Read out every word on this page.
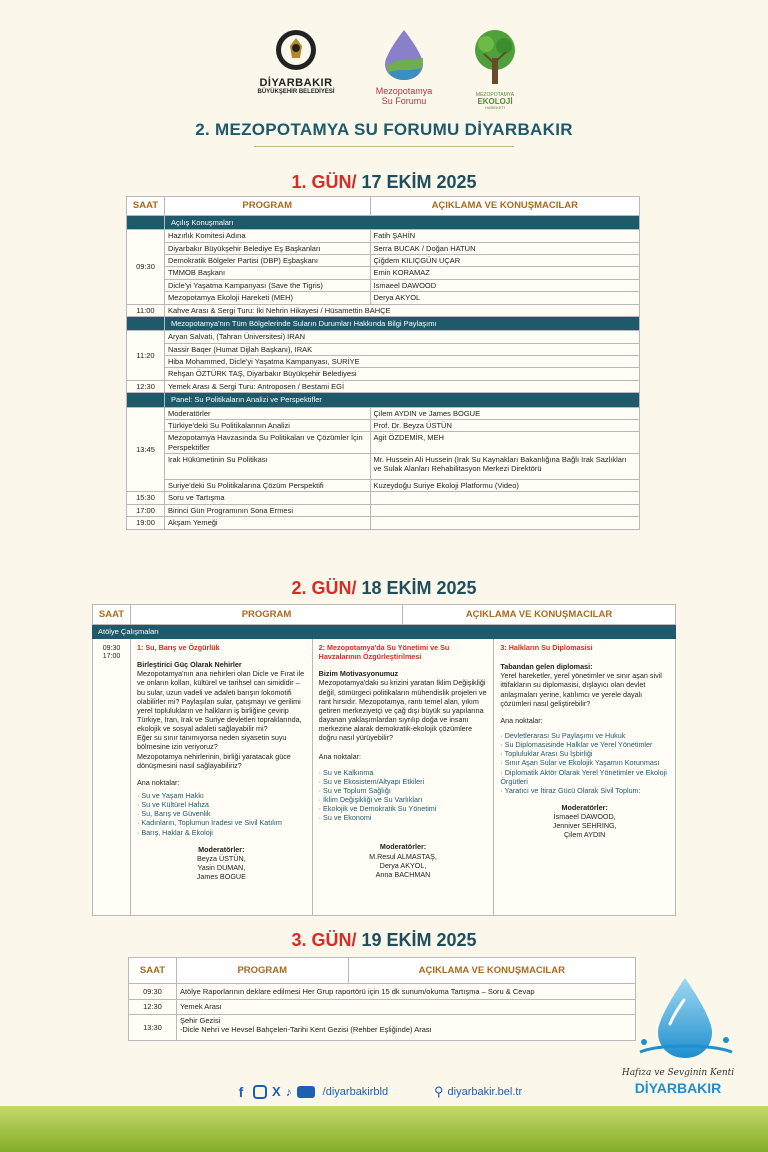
DİYARBAKIR
BÜYÜKŞEHİR BELEDİYESİ	Mezopotamya
Su Forumu
MEZOPOTAMYA
EKOLOJİ
HAREKETİ
2. MEZOPOTAMYA SU FORUMU DİYARBAKIR
1. GÜN/ 17 EKİM 2025
SAAT	PROGRAM	AÇIKLAMA VE KONUŞMACILAR
	Açılış Konuşmaları	
09:30	Hazırlık Komitesi Adına	Fatih ŞAHİN
	Diyarbakır Büyükşehir Belediye Eş Başkanları	Serra BUCAK / Doğan HATUN
	Demokratik Bölgeler Partisi (DBP) Eşbaşkanı	Çiğdem KILIÇGÜN UÇAR
	TMMOB Başkanı	Emin KORAMAZ
	Dicle'yi Yaşatma Kampanyası (Save the Tigris)	Ismaeel DAWOOD
	Mezopotamya Ekoloji Hareketi (MEH)	Derya AKYOL
11:00	Kahve Arası & Sergi Turu: İki Nehrin Hikayesi / Hüsamettin BAHÇE	
	Mezopotamya'nın Tüm Bölgelerinde Suların Durumları Hakkında Bilgi Paylaşımı	
11:20	Aryan Salvati, (Tahran Üniversitesi) İRAN	
	Nassir Baqer (Humat Dijlah Başkanı), IRAK	
	Hiba Mohammed, Dicle'yi Yaşatma Kampanyası, SURİYE	
	Rehşan ÖZTÜRK TAŞ, Diyarbakır Büyükşehir Belediyesi	
12:30	Yemek Arası & Sergi Turu: Antroposen / Bestami EGİ	
	Panel: Su Politikaların Analizi ve Perspektifler	
13:45	Moderatörler	Çilem AYDIN ve James BOGUE
	Türkiye'deki Su Politikalarının Analizi	Prof. Dr. Beyza ÜSTÜN
	Mezopotamya Havzasında Su Politikaları ve Çözümler İçin Perspektifler	Agit ÖZDEMİR, MEH
	Irak Hükümetinin Su Politikası	Mr. Hussein Ali Hussein (Irak Su Kaynakları Bakanlığına Bağlı Irak Sazlıkları ve Sulak Alanları Rehabilitasyon Merkezi Direktörü
	Suriye'deki Su Politikalarına Çözüm Perspektifi	Kuzeydoğu Suriye Ekoloji Platformu (Video)
15:30	Soru ve Tartışma	
17:00	Birinci Gün Programının Sona Ermesi	
19:00	Akşam Yemeği	
2. GÜN/ 18 EKİM 2025
SAAT	PROGRAM	AÇIKLAMA VE KONUŞMACILAR
Atölye Çalışmaları
09:30
17:00
1: Su, Barış ve Özgürlük
Birleştirici Güç Olarak Nehirler
Mezopotamya'nın ana nehirleri olan Dicle ve Fırat ile ve onların kolları, kültürel ve tarihsel can simididir – bu sular, uzun vadeli ve adaleti barışın lokomotifi olabilirler mi? Paylaşılan sular, çatışmayı ve gerilimi yerel toplulukların ve halkların iş birliğine çevirip Türkiye, İran, Irak ve Suriye devletleri topraklarında, ekolojik ve sosyal adaleti sağlayabilir mi?
Eğer su sınır tanımıyorsa neden siyasetin suyu bölmesine izin veriyoruz?
Mezopotamya nehirlerinin, birliği yaratacak güce dönüşmesini nasıl sağlayabiliriz?
Ana noktalar:
· Su ve Yaşam Hakkı
· Su ve Kültürel Hafıza
· Su, Barış ve Güvenlik
· Kadınların, Toplumun İradesi ve Sivil Katılım
· Barış, Haklar & Ekoloji
Moderatörler:
Beyza ÜSTÜN,
Yasin DUMAN,
James BOGUE
2: Mezopotamya'da Su Yönetimi ve Su Havzalarının Özgürleştirilmesi
Bizim Motivasyonumuz
Mezopotamya'daki su krizini yaratan İklim Değişikliği değil, sömürgeci politikaların mühendislik projeleri ve rant hırsıdır. Mezopotamya, rantı temel alan, yıkım getiren merkeziyetçi ve çağ dışı büyük su yapılarına dayanan yaklaşımlardan sıyrılıp doğa ve insanı merkezine alarak demokratik-ekolojik çözümlere doğru nasıl yürüyebilir?
Ana noktalar:
· Su ve Kalkınma
· Su ve Ekosistem/Altyapı Etkileri
· Su ve Toplum Sağlığı
· İklim Değişikliği ve Su Varlıkları
· Ekolojik ve Demokratik Su Yönetimi
· Su ve Ekonomi
Moderatörler:
M.Resul ALMASTAŞ,
Derya AKYOL,
Anna BACHMAN
3: Halkların Su Diplomasisi
Tabandan gelen diplomasi:
Yerel hareketler, yerel yönetimler ve sınır aşan sivil ittifakların su diplomasisi, dışlayıcı olan devlet anlaşmaları yerine, katılımcı ve yerele dayalı çözümleri nasıl geliştirebilir?
Ana noktalar:
· Devletlerarası Su Paylaşımı ve Hukuk
· Su Diplomasisinde Halklar ve Yerel Yönetimler
· Topluluklar Arası Su İşbirliği
· Sınır Aşan Sular ve Ekolojik Yaşamın Korunması
· Diplomatik Aktör Olarak Yerel Yönetimler ve Ekoloji Örgütleri
· Yaratıcı ve İtiraz Gücü Olarak Sivil Toplum:
Moderatörler:
İsmaeel DAWOOD,
Jenniver SEHRING,
Çilem AYDIN
3. GÜN/ 19 EKİM 2025
SAAT	PROGRAM	AÇIKLAMA VE KONUŞMACILAR
09:30	Atölye Raporlarının deklare edilmesi Her Grup raportörü için 15 dk sunum/okuma Tartışma – Soru & Cevap	
12:30	Yemek Arası	
13:30	Şehir Gezisi
-Dicle Nehri ve Hevsel Bahçeleri-Tarihi Kent Gezisi (Rehber Eşliğinde) Arası	
Hafıza ve Sevginin Kenti
DİYARBAKIR
f	X ♪	/diyarbakirbld	⚲ diyarbakir.bel.tr
